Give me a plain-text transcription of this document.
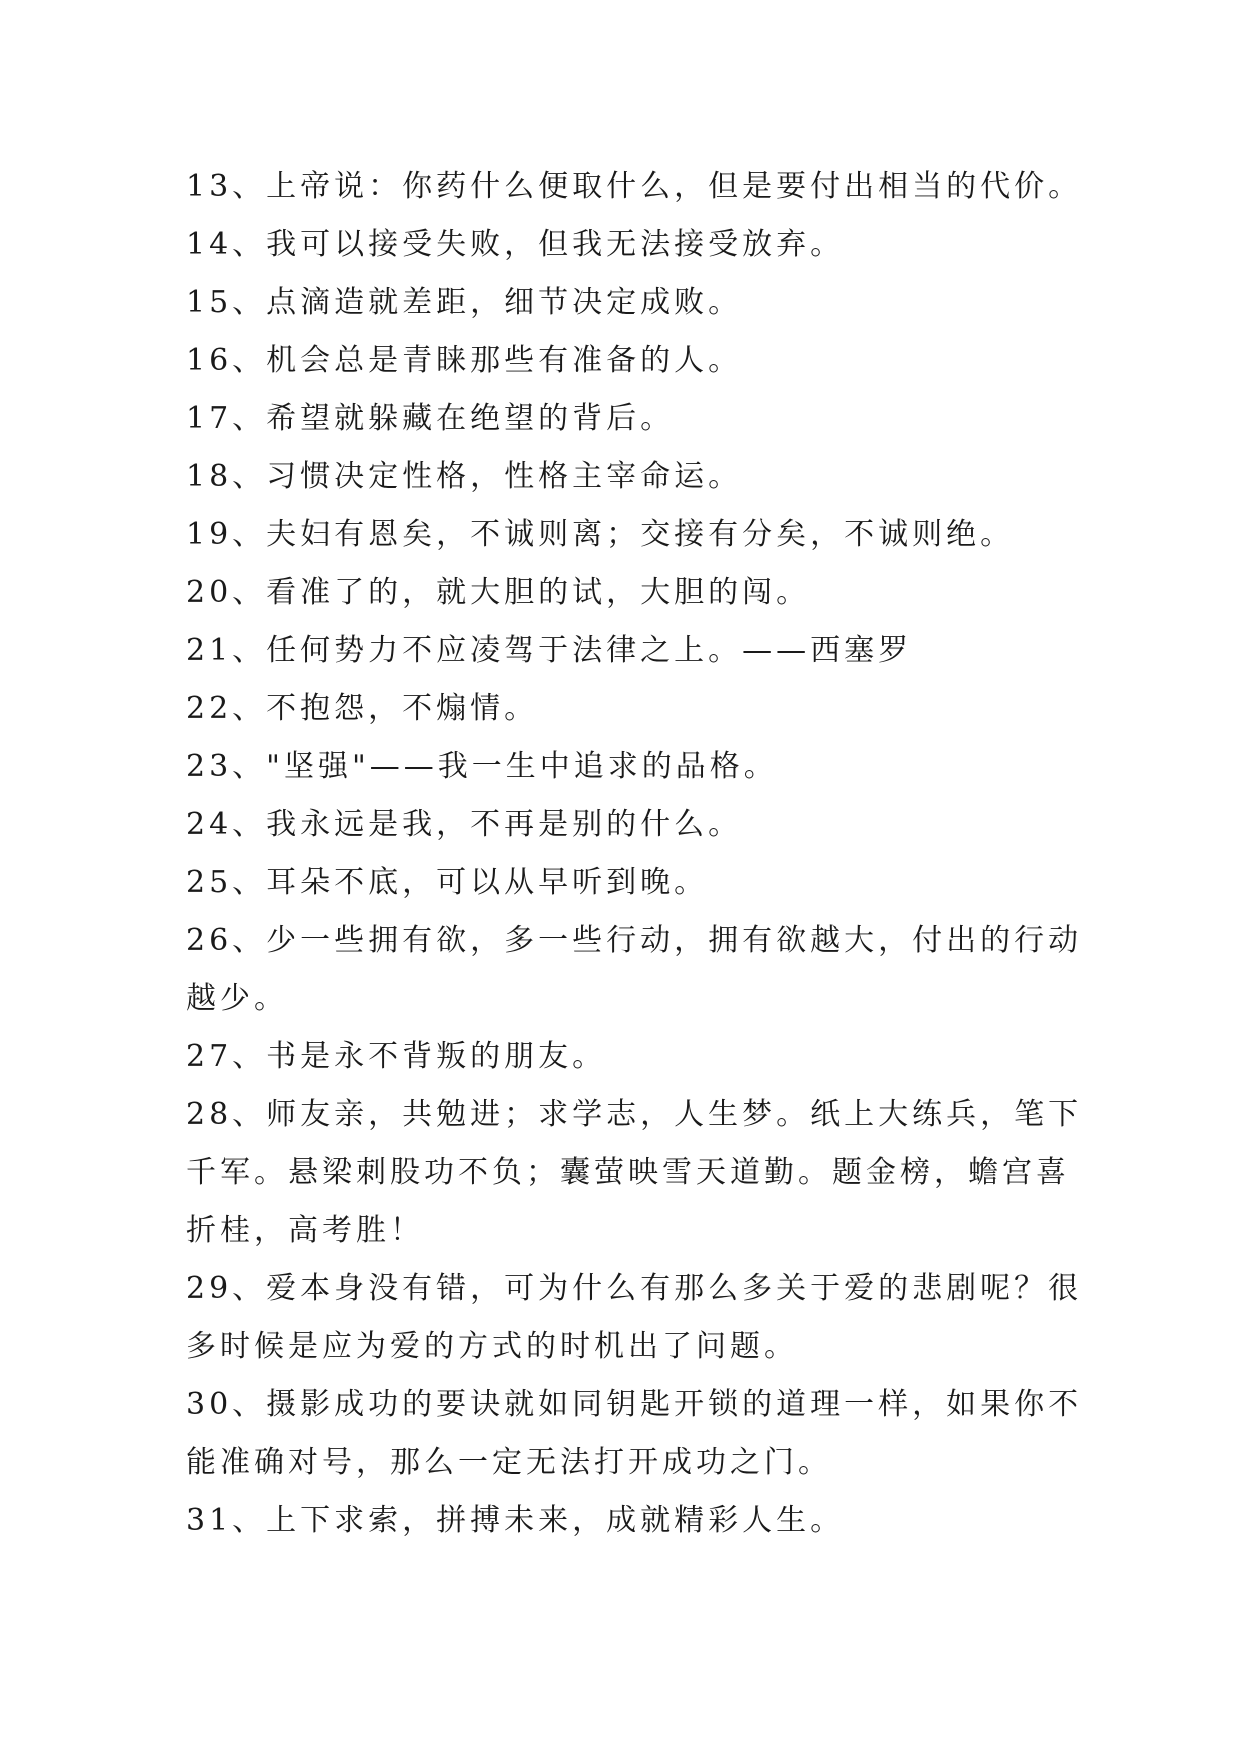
13、上帝说：你药什么便取什么，但是要付出相当的代价。
14、我可以接受失败，但我无法接受放弃。
15、点滴造就差距，细节决定成败。
16、机会总是青睐那些有准备的人。
17、希望就躲藏在绝望的背后。
18、习惯决定性格，性格主宰命运。
19、夫妇有恩矣，不诚则离；交接有分矣，不诚则绝。
20、看准了的，就大胆的试，大胆的闯。
21、任何势力不应凌驾于法律之上。——西塞罗
22、不抱怨，不煽情。
23、"坚强"——我一生中追求的品格。
24、我永远是我，不再是别的什么。
25、耳朵不底，可以从早听到晚。
26、少一些拥有欲，多一些行动，拥有欲越大，付出的行动
越少。
27、书是永不背叛的朋友。
28、师友亲，共勉进；求学志，人生梦。纸上大练兵，笔下
千军。悬梁刺股功不负；囊萤映雪天道勤。题金榜，蟾宫喜
折桂，高考胜！
29、爱本身没有错，可为什么有那么多关于爱的悲剧呢？很
多时候是应为爱的方式的时机出了问题。
30、摄影成功的要诀就如同钥匙开锁的道理一样，如果你不
能准确对号，那么一定无法打开成功之门。
31、上下求索，拼搏未来，成就精彩人生。
